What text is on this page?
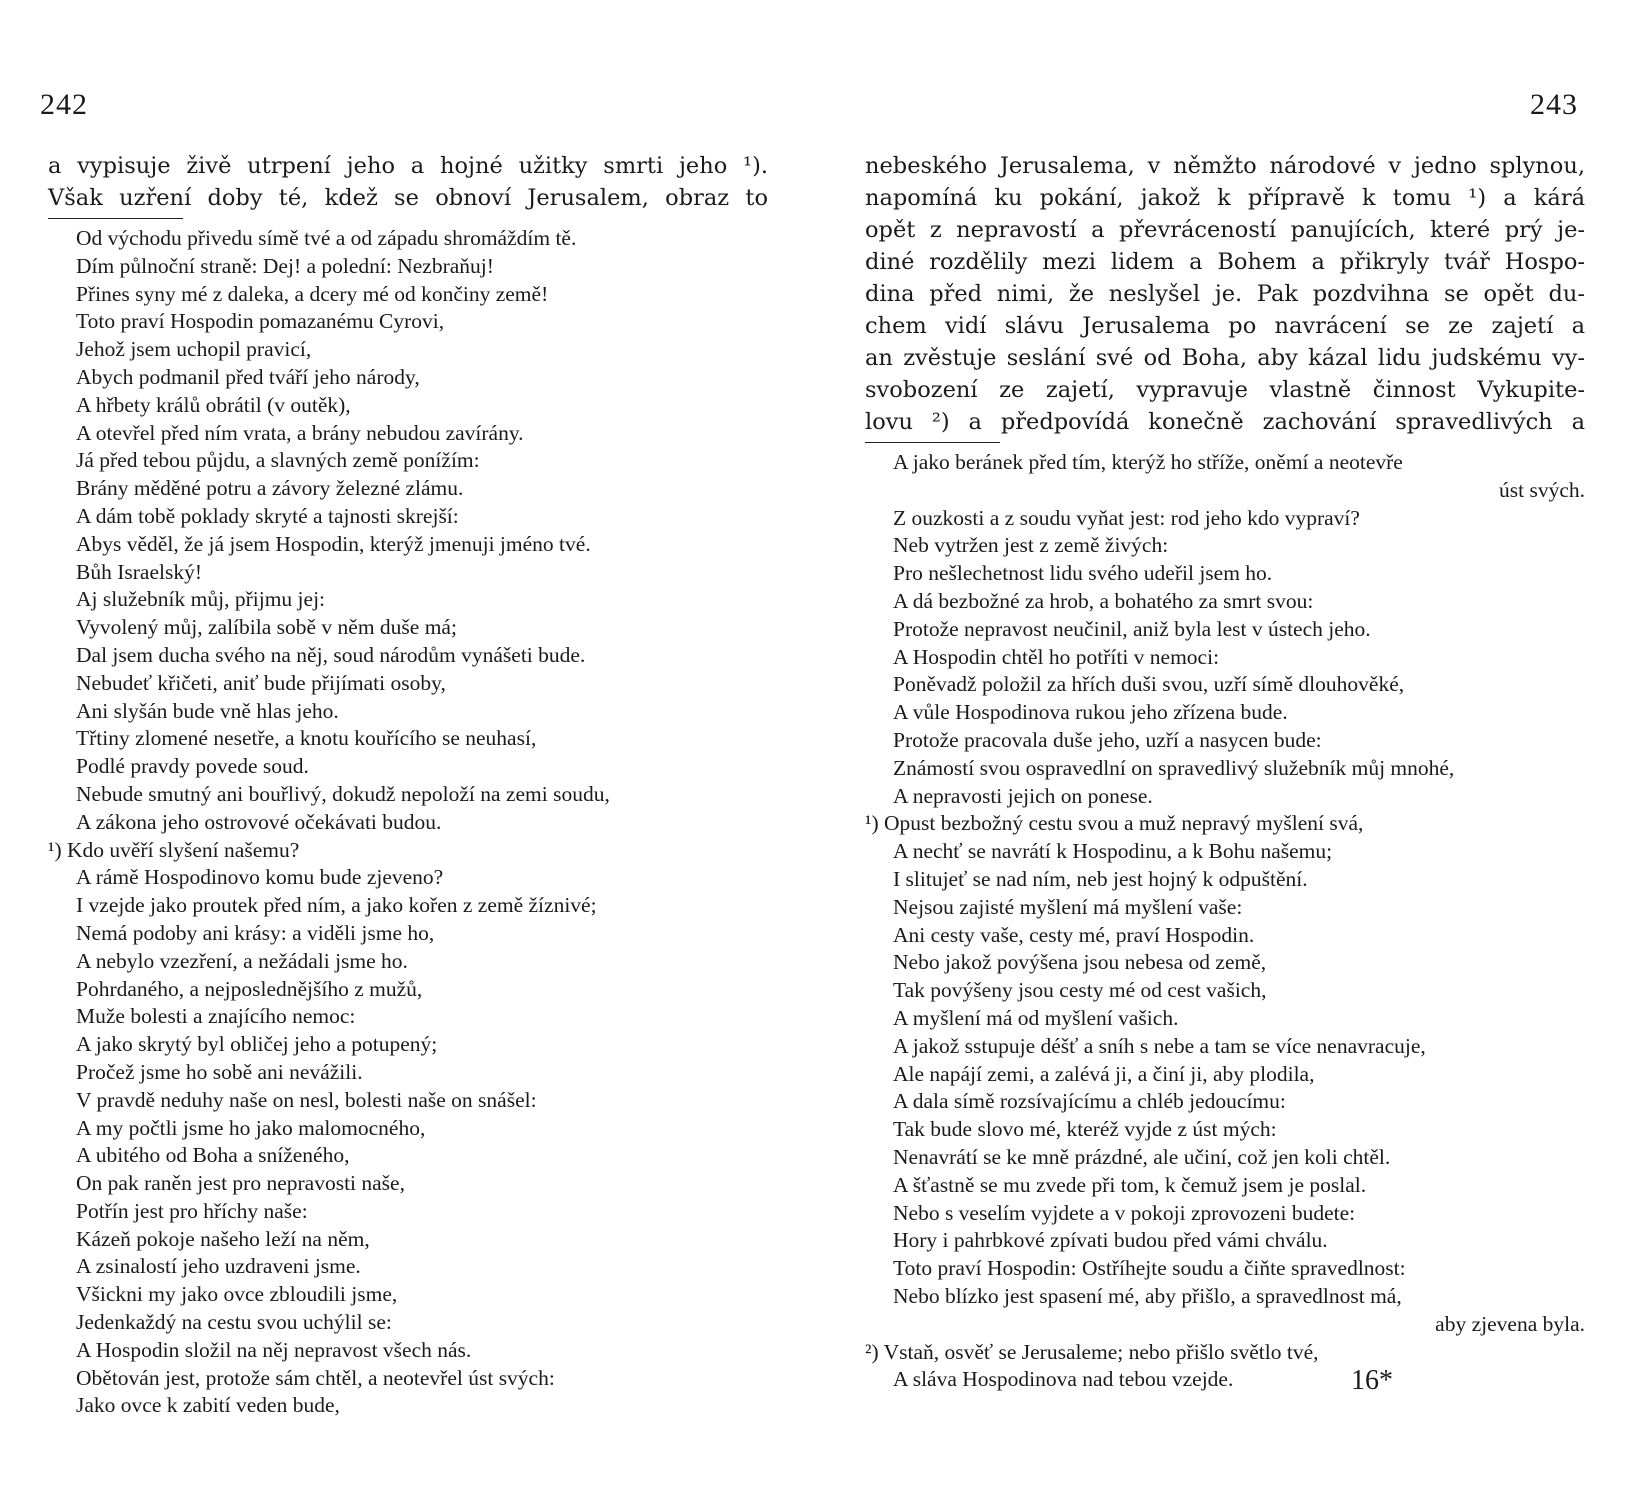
242
a vypisuje živě utrpení jeho a hojné užitky smrti jeho ¹).
Však uzření doby té, kdež se obnoví Jerusalem, obraz to
Od východu přivedu símě tvé a od západu shromáždím tě.
Dím půlnoční straně: Dej! a polední: Nezbraňuj!
Přines syny mé z daleka, a dcery mé od končiny země!
Toto praví Hospodin pomazanému Cyrovi,
Jehož jsem uchopil pravicí,
Abych podmanil před tváří jeho národy,
A hřbety králů obrátil (v outěk),
A otevřel před ním vrata, a brány nebudou zavírány.
Já před tebou půjdu, a slavných země ponížím:
Brány měděné potru a závory železné zlámu.
A dám tobě poklady skryté a tajnosti skrejší:
Abys věděl, že já jsem Hospodin, kterýž jmenuji jméno tvé.
Bůh Israelský!
Aj služebník můj, přijmu jej:
Vyvolený můj, zalíbila sobě v něm duše má;
Dal jsem ducha svého na něj, soud národům vynášeti bude.
Nebudeť křičeti, aniť bude přijímati osoby,
Ani slyšán bude vně hlas jeho.
Třtiny zlomené nesetře, a knotu kouřícího se neuhasí,
Podlé pravdy povede soud.
Nebude smutný ani bouřlivý, dokudž nepoloží na zemi soudu,
A zákona jeho ostrovové očekávati budou.
¹) Kdo uvěří slyšení našemu?
A rámě Hospodinovo komu bude zjeveno?
I vzejde jako proutek před ním, a jako kořen z země žíznivé;
Nemá podoby ani krásy: a viděli jsme ho,
A nebylo vzezření, a nežádali jsme ho.
Pohrdaného, a nejposlednějšího z mužů,
Muže bolesti a znajícího nemoc:
A jako skrytý byl obličej jeho a potupený;
Pročež jsme ho sobě ani nevážili.
V pravdě neduhy naše on nesl, bolesti naše on snášel:
A my počtli jsme ho jako malomocného,
A ubitého od Boha a sníženého,
On pak raněn jest pro nepravosti naše,
Potřín jest pro hříchy naše:
Kázeň pokoje našeho leží na něm,
A zsinalostí jeho uzdraveni jsme.
Všickni my jako ovce zbloudili jsme,
Jedenkaždý na cestu svou uchýlil se:
A Hospodin složil na něj nepravost všech nás.
Obětován jest, protože sám chtěl, a neotevřel úst svých:
Jako ovce k zabití veden bude,
243
nebeského Jerusalema, v němžto národové v jedno splynou,
napomíná ku pokání, jakož k přípravě k tomu ¹) a kárá
opět z nepravostí a převráceností panujících, které prý je-
diné rozdělily mezi lidem a Bohem a přikryly tvář Hospo-
dina před nimi, že neslyšel je. Pak pozdvihna se opět du-
chem vidí slávu Jerusalema po navrácení se ze zajetí a
an zvěstuje seslání své od Boha, aby kázal lidu judskému vy-
svobození ze zajetí, vypravuje vlastně činnost Vykupite-
lovu ²) a předpovídá konečně zachování spravedlivých a
A jako beránek před tím, kterýž ho stříže, oněmí a neotevře
úst svých.
Z ouzkosti a z soudu vyňat jest: rod jeho kdo vypraví?
Neb vytržen jest z země živých:
Pro nešlechetnost lidu svého udeřil jsem ho.
A dá bezbožné za hrob, a bohatého za smrt svou:
Protože nepravost neučinil, aniž byla lest v ústech jeho.
A Hospodin chtěl ho potříti v nemoci:
Poněvadž položil za hřích duši svou, uzří símě dlouhověké,
A vůle Hospodinova rukou jeho zřízena bude.
Protože pracovala duše jeho, uzří a nasycen bude:
Známostí svou ospravedlní on spravedlivý služebník můj mnohé,
A nepravosti jejich on ponese.
¹) Opust bezbožný cestu svou a muž nepravý myšlení svá,
A nechť se navrátí k Hospodinu, a k Bohu našemu;
I slitujeť se nad ním, neb jest hojný k odpuštění.
Nejsou zajisté myšlení má myšlení vaše:
Ani cesty vaše, cesty mé, praví Hospodin.
Nebo jakož povýšena jsou nebesa od země,
Tak povýšeny jsou cesty mé od cest vašich,
A myšlení má od myšlení vašich.
A jakož sstupuje déšť a sníh s nebe a tam se více nenavracuje,
Ale napájí zemi, a zalévá ji, a činí ji, aby plodila,
A dala símě rozsívajícímu a chléb jedoucímu:
Tak bude slovo mé, kteréž vyjde z úst mých:
Nenavrátí se ke mně prázdné, ale učiní, což jen koli chtěl.
A šťastně se mu zvede při tom, k čemuž jsem je poslal.
Nebo s veselím vyjdete a v pokoji zprovozeni budete:
Hory i pahrbkové zpívati budou před vámi chválu.
Toto praví Hospodin: Ostříhejte soudu a čiňte spravedlnost:
Nebo blízko jest spasení mé, aby přišlo, a spravedlnost má,
aby zjevena byla.
²) Vstaň, osvěť se Jerusaleme; nebo přišlo světlo tvé,
A sláva Hospodinova nad tebou vzejde.	16*
